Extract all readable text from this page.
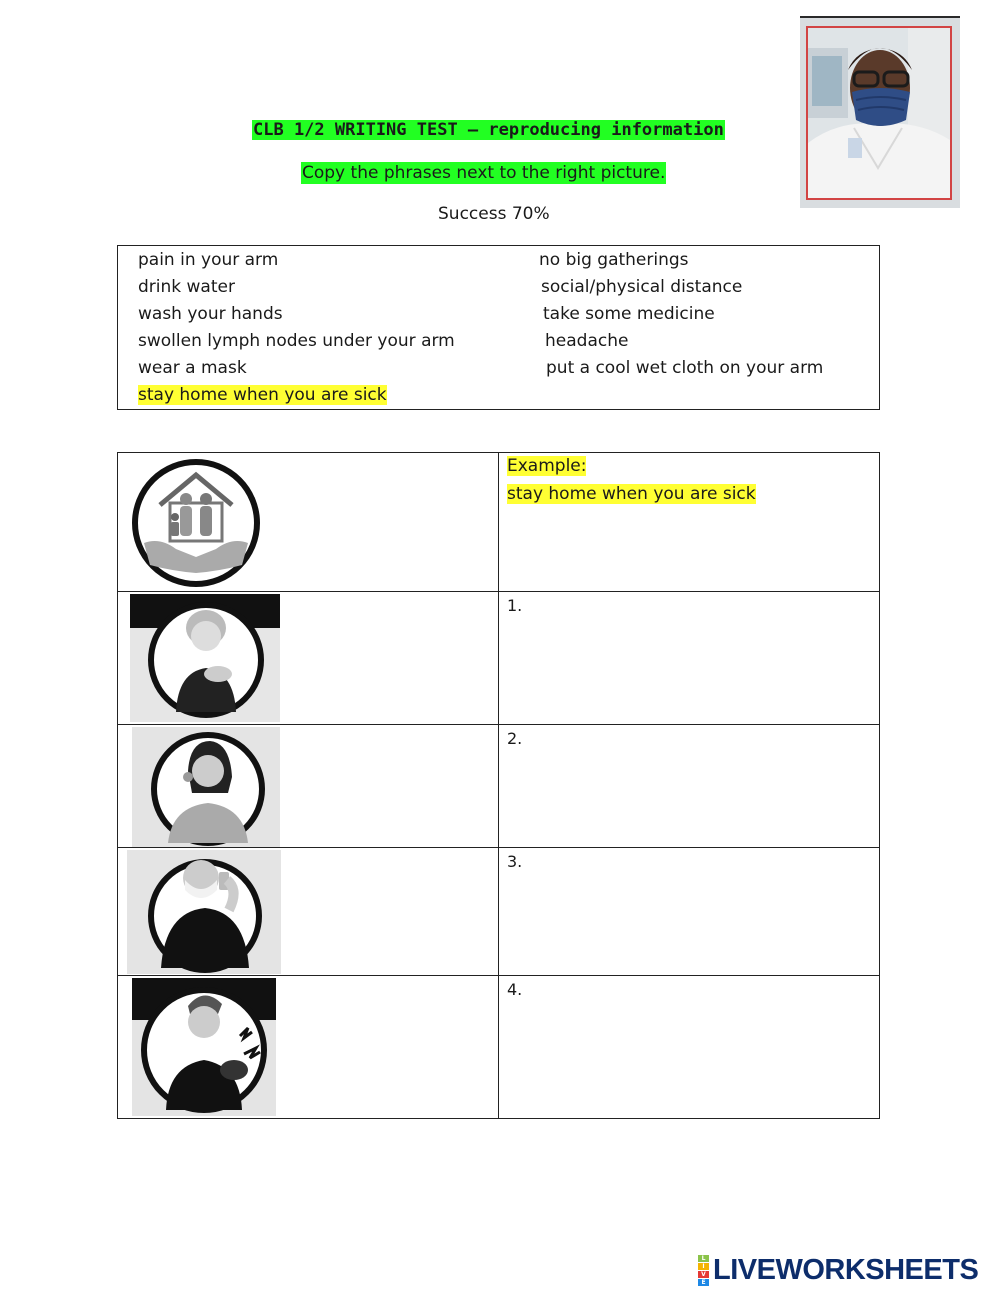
CLB 1/2 WRITING TEST – reproducing information
Copy the phrases next to the right picture.
Success 70%
pain in your arm
drink water
wash your hands
swollen lymph nodes under your arm
wear a mask
stay home when you are sick
no big gatherings
social/physical distance
take some medicine
headache
put a cool wet cloth on your arm
Example:
stay home when you are sick
1.
2.
3.
4.
L
I
V
E LIVEWORKSHEETS
